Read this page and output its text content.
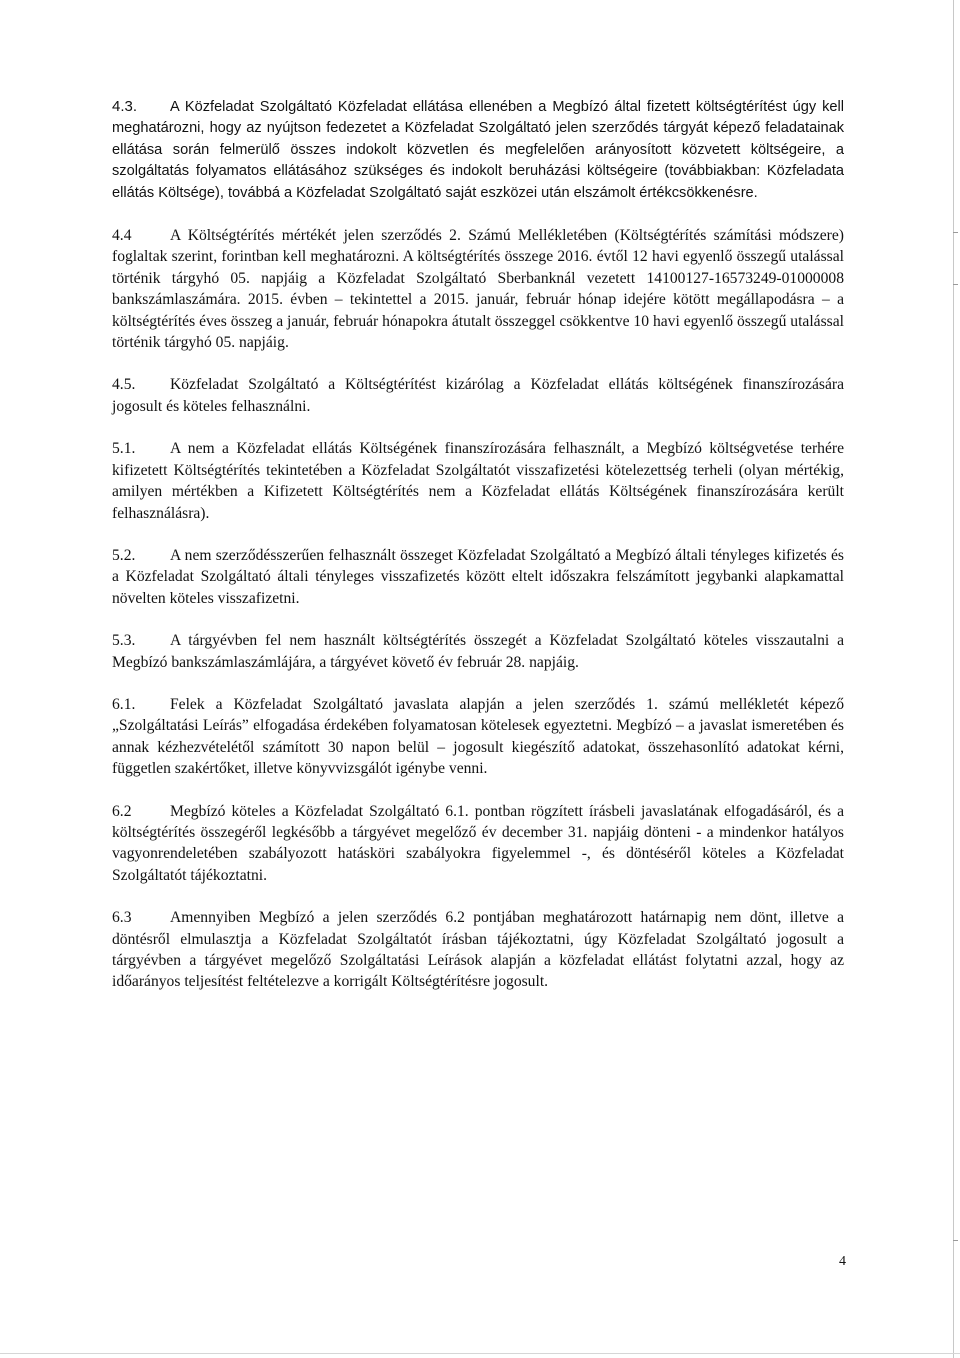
4.3. A Közfeladat Szolgáltató Közfeladat ellátása ellenében a Megbízó által fizetett költségtérítést úgy kell meghatározni, hogy az nyújtson fedezetet a Közfeladat Szolgáltató jelen szerződés tárgyát képező feladatainak ellátása során felmerülő összes indokolt közvetlen és megfelelően arányosított közvetett költségeire, a szolgáltatás folyamatos ellátásához szükséges és indokolt beruházási költségeire (továbbiakban: Közfeladata ellátás Költsége), továbbá a Közfeladat Szolgáltató saját eszközei után elszámolt értékcsökkenésre.

4.4 A Költségtérítés mértékét jelen szerződés 2. Számú Mellékletében (Költségtérítés számítási módszere) foglaltak szerint, forintban kell meghatározni. A költségtérítés összege 2016. évtől 12 havi egyenlő összegű utalással történik tárgyhó 05. napjáig a Közfeladat Szolgáltató Sberbanknál vezetett 14100127-16573249-01000008 bankszámlaszámára. 2015. évben – tekintettel a 2015. január, február hónap idejére kötött megállapodásra – a költségtérítés éves összeg a január, február hónapokra átutalt összeggel csökkentve 10 havi egyenlő összegű utalással történik tárgyhó 05. napjáig.

4.5. Közfeladat Szolgáltató a Költségtérítést kizárólag a Közfeladat ellátás költségének finanszírozására jogosult és köteles felhasználni.

5.1. A nem a Közfeladat ellátás Költségének finanszírozására felhasznált, a Megbízó költségvetése terhére kifizetett Költségtérítés tekintetében a Közfeladat Szolgáltatót visszafizetési kötelezettség terheli (olyan mértékig, amilyen mértékben a Kifizetett Költségtérítés nem a Közfeladat ellátás Költségének finanszírozására került felhasználásra).

5.2. A nem szerződésszerűen felhasznált összeget Közfeladat Szolgáltató a Megbízó általi tényleges kifizetés és a Közfeladat Szolgáltató általi tényleges visszafizetés között eltelt időszakra felszámított jegybanki alapkamattal növelten köteles visszafizetni.

5.3. A tárgyévben fel nem használt költségtérítés összegét a Közfeladat Szolgáltató köteles visszautalni a Megbízó bankszámlaszámlájára, a tárgyévet követő év február 28. napjáig.

6.1. Felek a Közfeladat Szolgáltató javaslata alapján a jelen szerződés 1. számú mellékletét képező „Szolgáltatási Leírás” elfogadása érdekében folyamatosan kötelesek egyeztetni. Megbízó – a javaslat ismeretében és annak kézhezvételétől számított 30 napon belül – jogosult kiegészítő adatokat, összehasonlító adatokat kérni, független szakértőket, illetve könyvvizsgálót igénybe venni.

6.2 Megbízó köteles a Közfeladat Szolgáltató 6.1. pontban rögzített írásbeli javaslatának elfogadásáról, és a költségtérítés összegéről legkésőbb a tárgyévet megelőző év december 31. napjáig dönteni - a mindenkor hatályos vagyonrendeletében szabályozott hatásköri szabályokra figyelemmel -, és döntéséről köteles a Közfeladat Szolgáltatót tájékoztatni.

6.3 Amennyiben Megbízó a jelen szerződés 6.2 pontjában meghatározott határnapig nem dönt, illetve a döntésről elmulasztja a Közfeladat Szolgáltatót írásban tájékoztatni, úgy Közfeladat Szolgáltató jogosult a tárgyévben a tárgyévet megelőző Szolgáltatási Leírások alapján a közfeladat ellátást folytatni azzal, hogy az időarányos teljesítést feltételezve a korrigált Költségtérítésre jogosult.

4
